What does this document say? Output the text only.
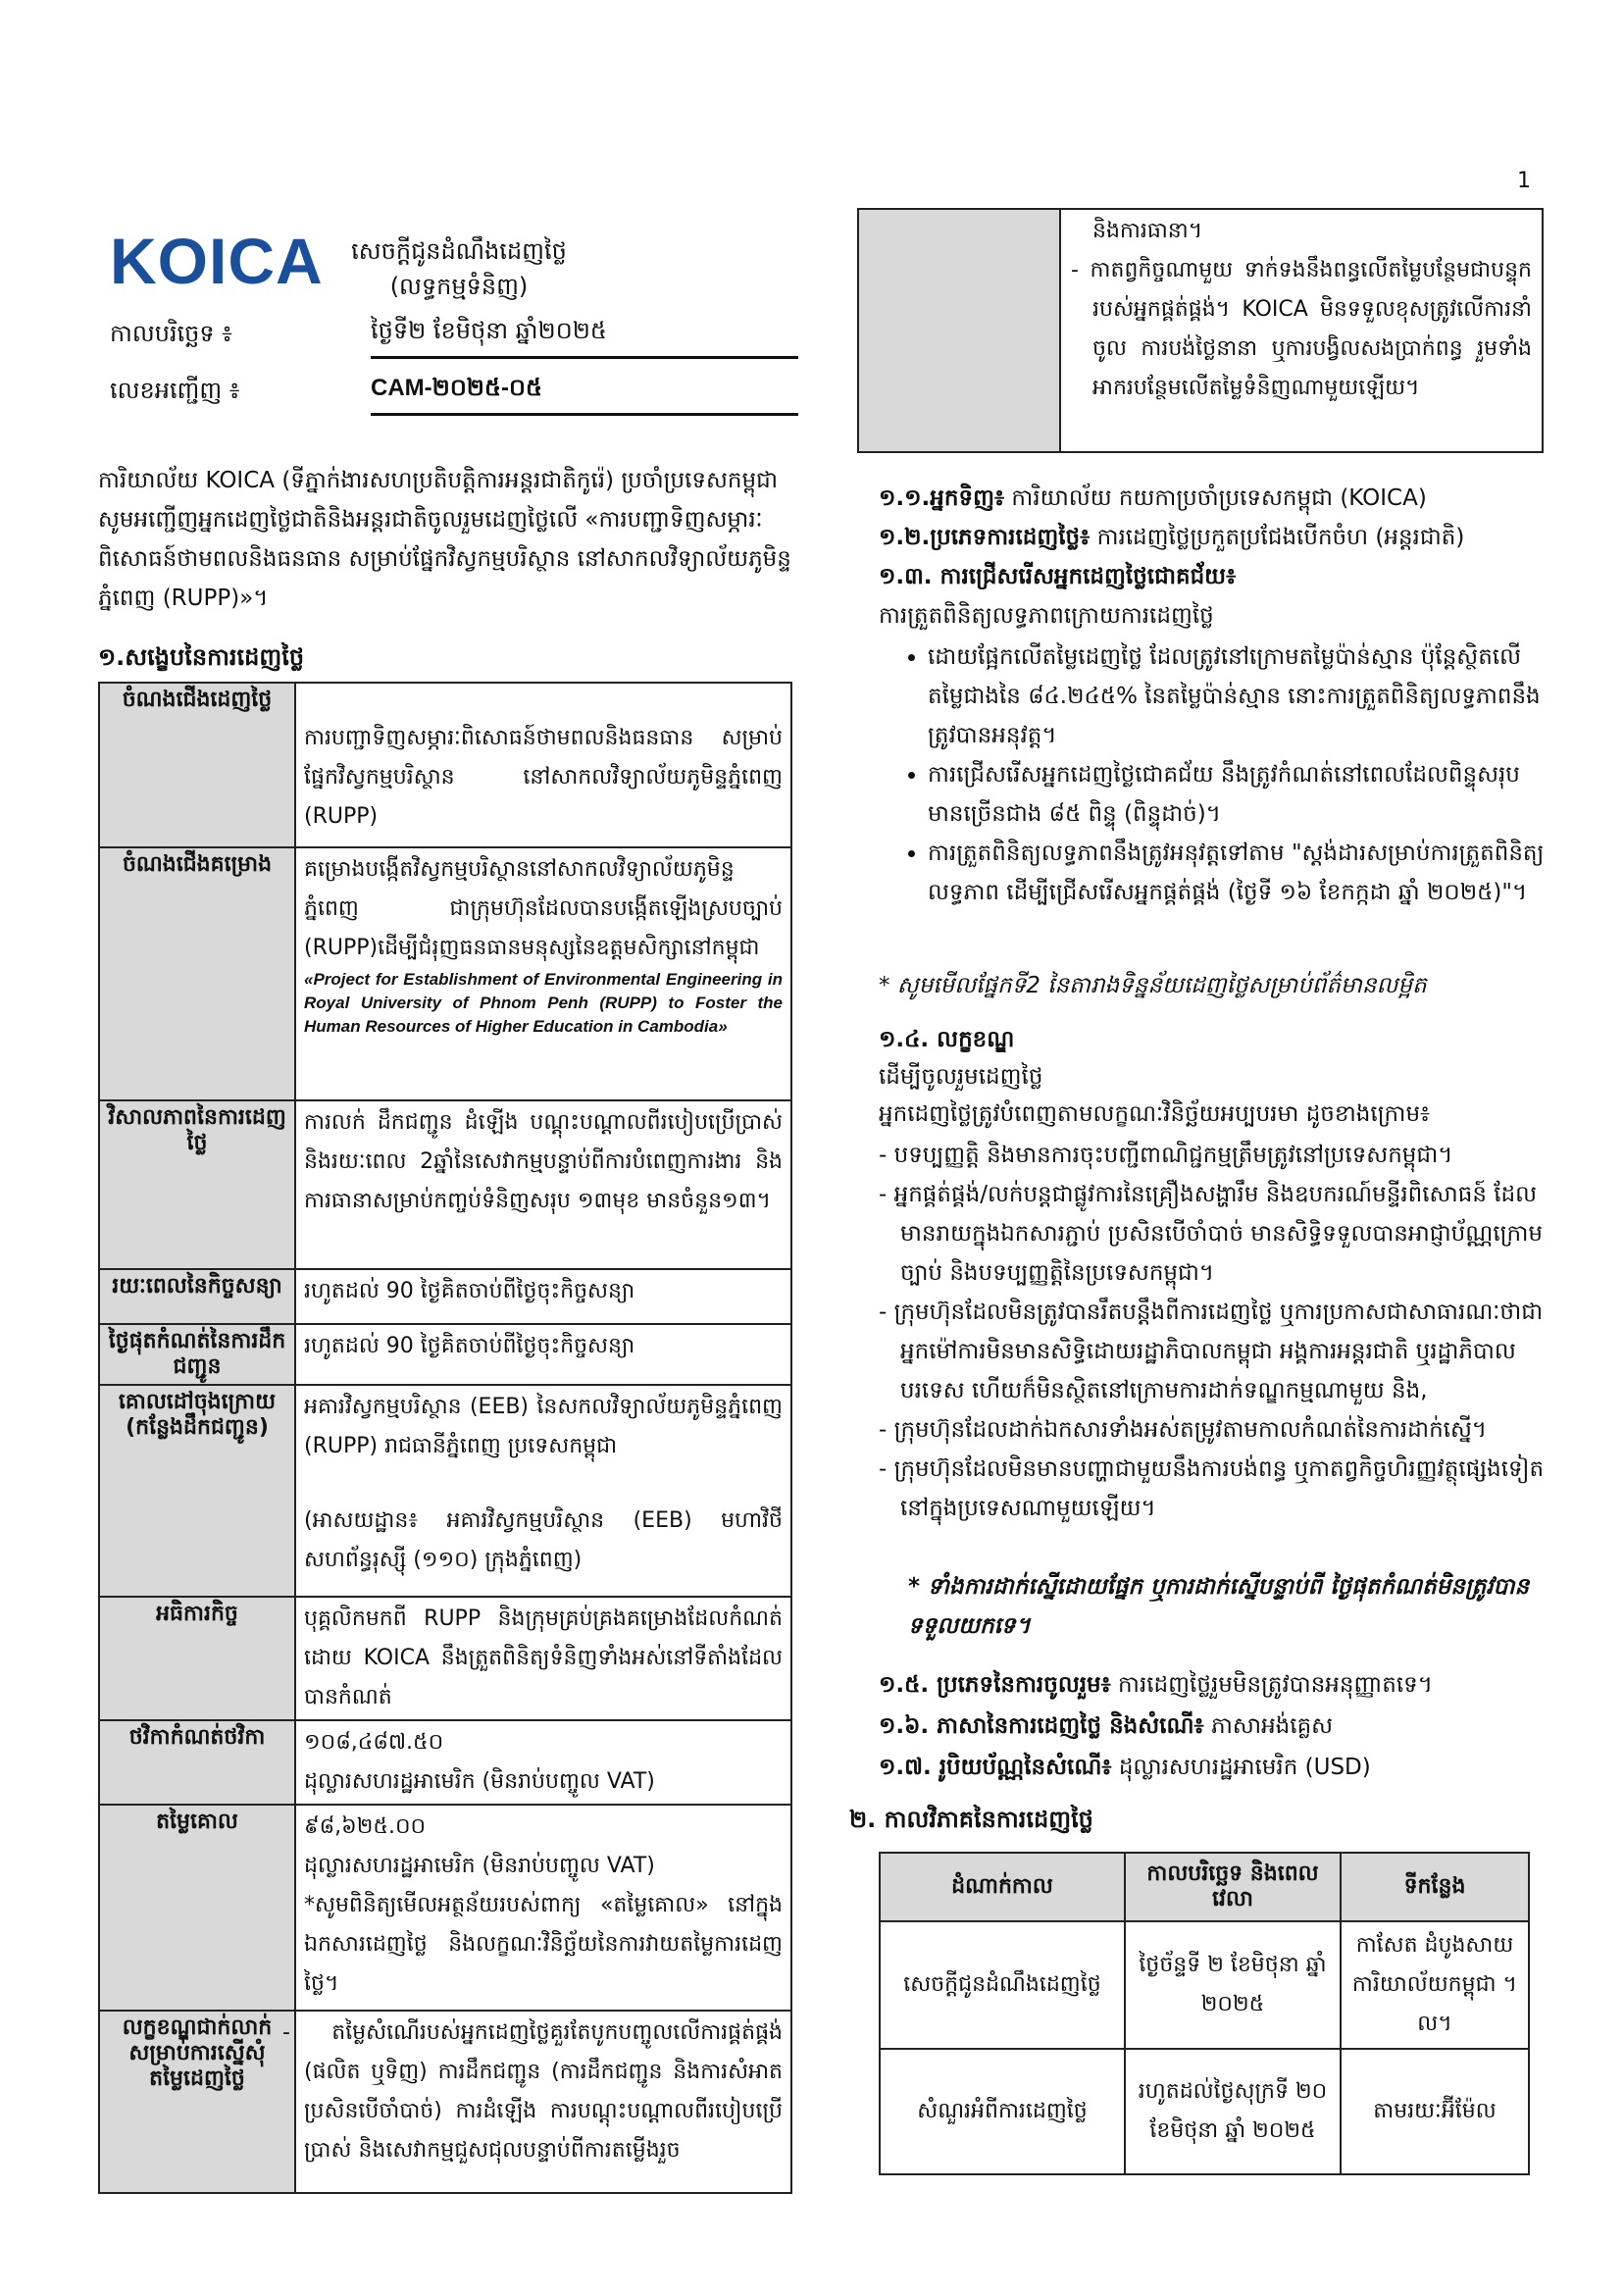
1
KOICA	សេចក្តីជូនដំណឹងដេញថ្លៃ (លទ្ធកម្មទំនិញ)
កាលបរិច្ឆេទ ៖	ថ្ងៃទី២ ខែមិថុនា ឆ្នាំ២០២៥
លេខអញ្ជើញ ៖	CAM-២០២៥-០៥
ការិយាល័យ KOICA (ទីភ្នាក់ងារសហប្រតិបត្តិការអន្តរជាតិកូរ៉េ) ប្រចាំប្រទេសកម្ពុជាសូមអញ្ជើញអ្នកដេញថ្លៃជាតិនិងអន្តរជាតិចូលរួមដេញថ្លៃលើ «ការបញ្ជាទិញសម្ភារៈពិសោធន៍ថាមពលនិងធនធាន សម្រាប់ផ្នែកវិស្វកម្មបរិស្ថាន នៅសាកលវិទ្យាល័យភូមិន្ទភ្នំពេញ (RUPP)»។
១.សង្ខេបនៃការដេញថ្លៃ
ចំណងជើងដេញថ្លៃ	ការបញ្ជាទិញសម្ភារៈពិសោធន៍ថាមពលនិងធនធាន សម្រាប់ផ្នែកវិស្វកម្មបរិស្ថាន នៅសាកលវិទ្យាល័យភូមិន្ទភ្នំពេញ (RUPP)
ចំណងជើងគម្រោង	គម្រោងបង្កើតវិស្វកម្មបរិស្ថាននៅសាកលវិទ្យាល័យភូមិន្ទភ្នំពេញ ជាក្រុមហ៊ុនដែលបានបង្កើតឡើងស្របច្បាប់ (RUPP)ដើម្បីជំរុញធនធានមនុស្សនៃឧត្តមសិក្សានៅកម្ពុជា
«Project for Establishment of Environmental Engineering in Royal University of Phnom Penh (RUPP) to Foster the Human Resources of Higher Education in Cambodia»

វិសាលភាពនៃការដេញថ្លៃ	ការលក់ ដឹកជញ្ជូន ដំឡើង បណ្តុះបណ្តាលពីរបៀបប្រើប្រាស់ និងរយៈពេល 2ឆ្នាំនៃសេវាកម្មបន្ទាប់ពីការបំពេញការងារ និងការធានាសម្រាប់កញ្ចប់ទំនិញសរុប ១៣មុខ មានចំនួន១៣។
រយៈពេលនៃកិច្ចសន្យា	រហូតដល់ 90 ថ្ងៃគិតចាប់ពីថ្ងៃចុះកិច្ចសន្យា
ថ្ងៃផុតកំណត់នៃការដឹកជញ្ជូន	រហូតដល់ 90 ថ្ងៃគិតចាប់ពីថ្ងៃចុះកិច្ចសន្យា
គោលដៅចុងក្រោយ (កន្លែងដឹកជញ្ជូន)	អគារវិស្វកម្មបរិស្ថាន (EEB) នៃសកលវិទ្យាល័យភូមិន្ទភ្នំពេញ (RUPP) រាជធានីភ្នំពេញ ប្រទេសកម្ពុជា
(អាសយដ្ឋាន៖ អគារវិស្វកម្មបរិស្ថាន (EEB) មហាវិថីសហព័ន្ធរុស្ស៊ី (១១០) ក្រុងភ្នំពេញ)

អធិការកិច្ច	បុគ្គលិកមកពី RUPP និងក្រុមគ្រប់គ្រងគម្រោងដែលកំណត់ដោយ KOICA នឹងត្រួតពិនិត្យទំនិញទាំងអស់នៅទីតាំងដែលបានកំណត់
ថវិកាកំណត់ថវិកា	១០៨,៤៨៧.៥០
ដុល្លារសហរដ្ឋអាមេរិក (មិនរាប់បញ្ចូល VAT)

តម្លៃគោល	៩៨,៦២៥.០០
ដុល្លារសហរដ្ឋអាមេរិក (មិនរាប់បញ្ចូល VAT)
*សូមពិនិត្យមើលអត្ថន័យរបស់ពាក្យ «តម្លៃគោល» នៅក្នុងឯកសារដេញថ្លៃ និងលក្ខណៈវិនិច្ឆ័យនៃការវាយតម្លៃការដេញថ្លៃ។

លក្ខខណ្ឌជាក់លាក់សម្រាប់ការស្នើសុំតម្លៃដេញថ្លៃ	- តម្លៃសំណើរបស់អ្នកដេញថ្លៃគួរតែបូកបញ្ចូលលើការផ្គត់ផ្គង់ (ផលិត ឬទិញ) ការដឹកជញ្ជូន (ការដឹកជញ្ជូន និងការសំអាត ប្រសិនបើចាំបាច់) ការដំឡើង ការបណ្តុះបណ្តាលពីរបៀបប្រើប្រាស់ និងសេវាកម្មជួសជុលបន្ទាប់ពីការតម្លើងរួច

និងការធានា។
- កាតព្វកិច្ចណាមួយ ទាក់ទងនឹងពន្ធលើតម្លៃបន្ថែមជាបន្ទុករបស់អ្នកផ្គត់ផ្គង់។ KOICA មិនទទួលខុសត្រូវលើការនាំចូល ការបង់ថ្លៃនានា ឬការបង្វិលសងប្រាក់ពន្ធ រួមទាំងអាករបន្ថែមលើតម្លៃទំនិញណាមួយឡើយ។
១.១.អ្នកទិញ៖ ការិយាល័យ កយកាប្រចាំប្រទេសកម្ពុជា (KOICA)
១.២.ប្រភេទការដេញថ្លៃ៖ ការដេញថ្លៃប្រកួតប្រជែងបើកចំហ (អន្តរជាតិ)
១.៣. ការជ្រើសរើសអ្នកដេញថ្លៃជោគជ័យ៖
ការត្រួតពិនិត្យលទ្ធភាពក្រោយការដេញថ្លៃ
• ដោយផ្អែកលើតម្លៃដេញថ្លៃ ដែលត្រូវនៅក្រោមតម្លៃប៉ាន់ស្មាន ប៉ុន្តែស្ថិតលើតម្លៃជាងនៃ ៨៤.២៤៥% នៃតម្លៃប៉ាន់ស្មាន នោះការត្រួតពិនិត្យលទ្ធភាពនឹងត្រូវបានអនុវត្ត។
• ការជ្រើសរើសអ្នកដេញថ្លៃជោគជ័យ នឹងត្រូវកំណត់នៅពេលដែលពិន្ទុសរុបមានច្រើនជាង ៨៥ ពិន្ទុ (ពិន្ទុដាច់)។
• ការត្រួតពិនិត្យលទ្ធភាពនឹងត្រូវអនុវត្តទៅតាម "ស្តង់ដារសម្រាប់ការត្រួតពិនិត្យលទ្ធភាព ដើម្បីជ្រើសរើសអ្នកផ្គត់ផ្គង់ (ថ្ងៃទី ១៦ ខែកក្កដា ឆ្នាំ ២០២៥)"។
* សូមមើលផ្នែកទី2 នៃតារាងទិន្នន័យដេញថ្លៃសម្រាប់ព័ត៌មានលម្អិត
១.៤. លក្ខខណ្ឌ
ដើម្បីចូលរួមដេញថ្លៃ
អ្នកដេញថ្លៃត្រូវបំពេញតាមលក្ខណៈវិនិច្ឆ័យអប្បបរមា ដូចខាងក្រោម៖
- បទប្បញ្ញត្តិ និងមានការចុះបញ្ជីពាណិជ្ជកម្មត្រឹមត្រូវនៅប្រទេសកម្ពុជា។
- អ្នកផ្គត់ផ្គង់/លក់បន្តជាផ្លូវការនៃគ្រឿងសង្ហារឹម និងឧបករណ៍មន្ទីរពិសោធន៍ ដែលមានរាយក្នុងឯកសារភ្ជាប់ ប្រសិនបើចាំបាច់ មានសិទ្ធិទទួលបានអាជ្ញាប័ណ្ណក្រោមច្បាប់ និងបទប្បញ្ញត្តិនៃប្រទេសកម្ពុជា។
- ក្រុមហ៊ុនដែលមិនត្រូវបានរឹតបន្តឹងពីការដេញថ្លៃ ឬការប្រកាសជាសាធារណៈថាជាអ្នកម៉ៅការមិនមានសិទ្ធិដោយរដ្ឋាភិបាលកម្ពុជា អង្គការអន្តរជាតិ ឬរដ្ឋាភិបាលបរទេស ហើយក៏មិនស្ថិតនៅក្រោមការដាក់ទណ្ឌកម្មណាមួយ និង,
- ក្រុមហ៊ុនដែលដាក់ឯកសារទាំងអស់តម្រូវតាមកាលកំណត់នៃការដាក់ស្នើ។
- ក្រុមហ៊ុនដែលមិនមានបញ្ហាជាមួយនឹងការបង់ពន្ធ ឬកាតព្វកិច្ចហិរញ្ញវត្ថុផ្សេងទៀតនៅក្នុងប្រទេសណាមួយឡើយ។
* ទាំងការដាក់ស្នើដោយផ្នែក ឬការដាក់ស្នើបន្ទាប់ពី ថ្ងៃផុតកំណត់មិនត្រូវបានទទួលយកទេ។
១.៥. ប្រភេទនៃការចូលរួម៖ ការដេញថ្លៃរួមមិនត្រូវបានអនុញ្ញាតទេ។
១.៦. ភាសានៃការដេញថ្លៃ និងសំណើ៖ ភាសាអង់គ្លេស
១.៧. រូបិយប័ណ្ណនៃសំណើ៖ ដុល្លារសហរដ្ឋអាមេរិក (USD)
២. កាលវិភាគនៃការដេញថ្លៃ
ដំណាក់កាល	កាលបរិច្ឆេទ និងពេលវេលា	ទីកន្លែង
សេចក្តីជូនដំណឹងដេញថ្លៃ	ថ្ងៃច័ន្ទទី ២ ខែមិថុនា ឆ្នាំ ២០២៥	កាសែត ដំបូងសាយការិយាល័យកម្ពុជា ។ល។
សំណួរអំពីការដេញថ្លៃ	រហូតដល់ថ្ងៃសុក្រទី ២០ ខែមិថុនា ឆ្នាំ ២០២៥	តាមរយៈអ៊ីម៉ែល
